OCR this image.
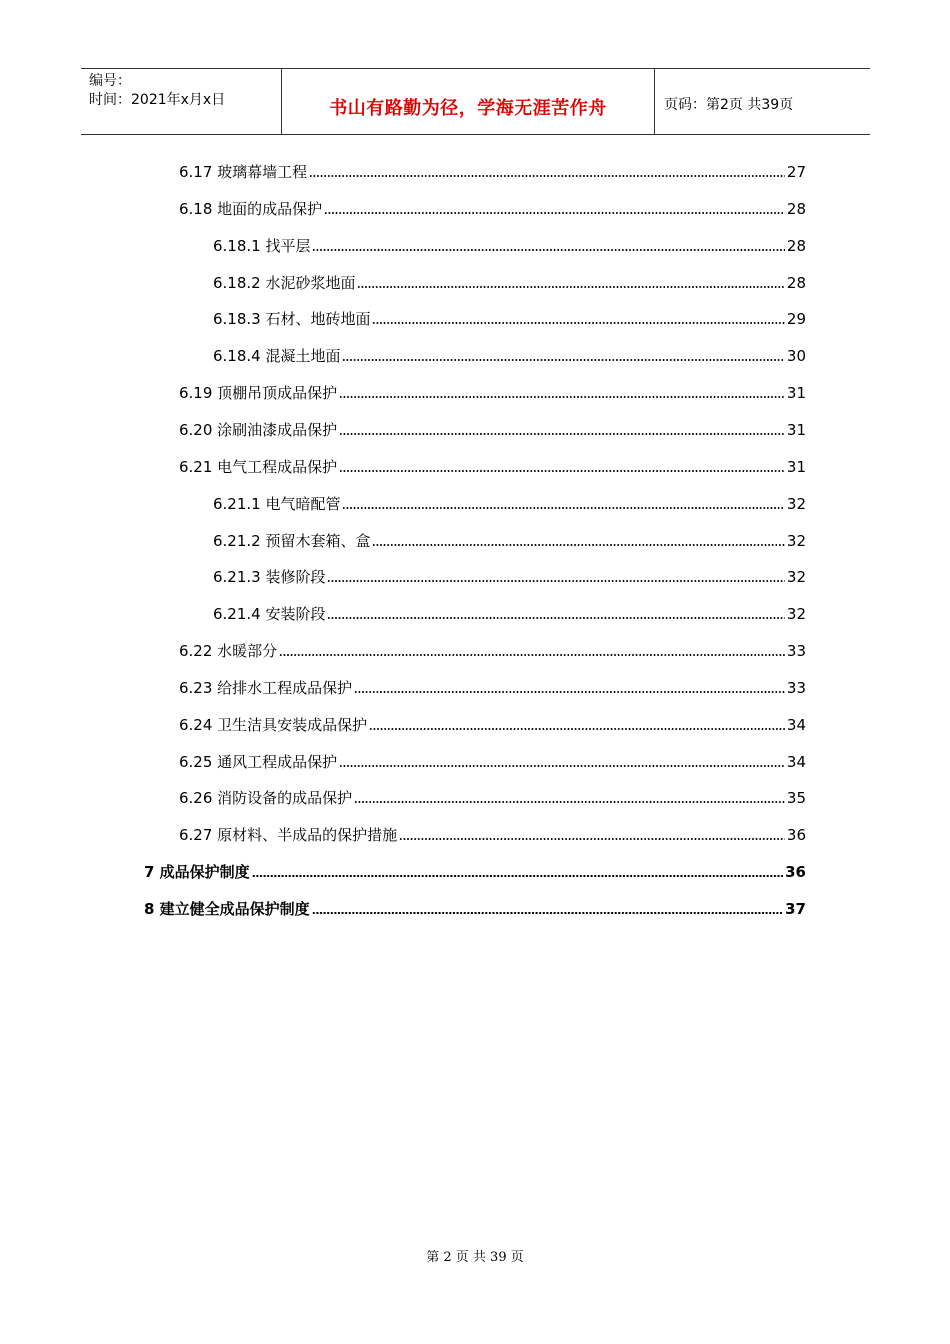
编号：
时间：2021年x月x日	书山有路勤为径，学海无涯苦作舟	页码：第2页 共39页
6.17 玻璃幕墙工程	27
6.18 地面的成品保护	28
6.18.1 找平层	28
6.18.2 水泥砂浆地面	28
6.18.3 石材、地砖地面	29
6.18.4 混凝土地面	30
6.19 顶棚吊顶成品保护	31
6.20 涂刷油漆成品保护	31
6.21 电气工程成品保护	31
6.21.1 电气暗配管	32
6.21.2 预留木套箱、盒	32
6.21.3 装修阶段	32
6.21.4 安装阶段	32
6.22 水暖部分	33
6.23 给排水工程成品保护	33
6.24 卫生洁具安装成品保护	34
6.25 通风工程成品保护	34
6.26 消防设备的成品保护	35
6.27 原材料、半成品的保护措施	36
7 成品保护制度	36
8 建立健全成品保护制度	37
第 2 页 共 39 页
